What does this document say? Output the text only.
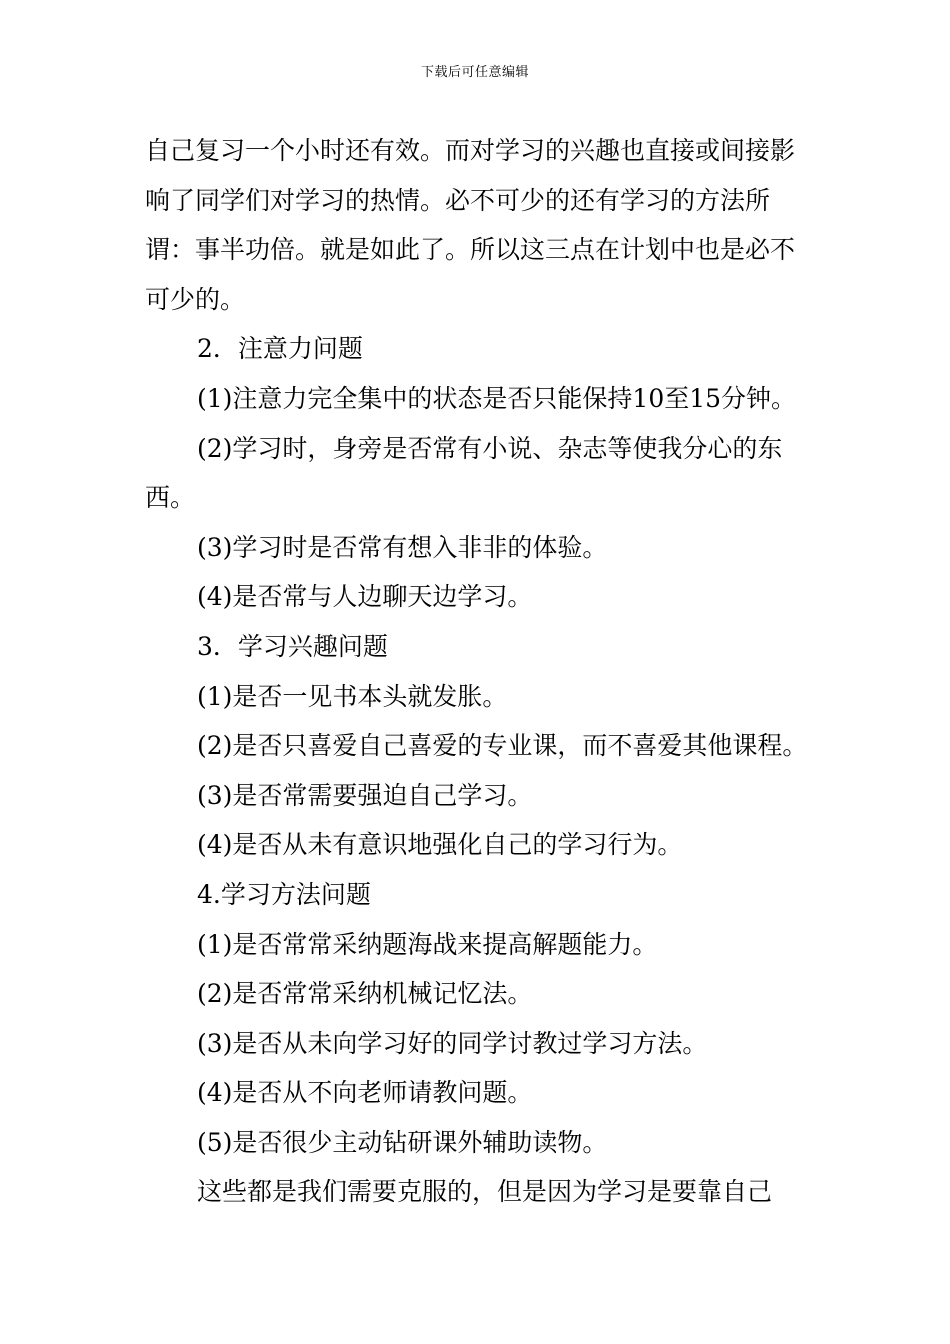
下载后可任意编辑

自己复习一个小时还有效。而对学习的兴趣也直接或间接影响了同学们对学习的热情。必不可少的还有学习的方法所谓：事半功倍。就是如此了。所以这三点在计划中也是必不可少的。

2．注意力问题

(1)注意力完全集中的状态是否只能保持10至15分钟。

(2)学习时，身旁是否常有小说、杂志等使我分心的东西。

(3)学习时是否常有想入非非的体验。

(4)是否常与人边聊天边学习。

3．学习兴趣问题

(1)是否一见书本头就发胀。

(2)是否只喜爱自己喜爱的专业课，而不喜爱其他课程。

(3)是否常需要强迫自己学习。

(4)是否从未有意识地强化自己的学习行为。

4.学习方法问题

(1)是否常常采纳题海战来提高解题能力。

(2)是否常常采纳机械记忆法。

(3)是否从未向学习好的同学讨教过学习方法。

(4)是否从不向老师请教问题。

(5)是否很少主动钻研课外辅助读物。

这些都是我们需要克服的，但是因为学习是要靠自己
